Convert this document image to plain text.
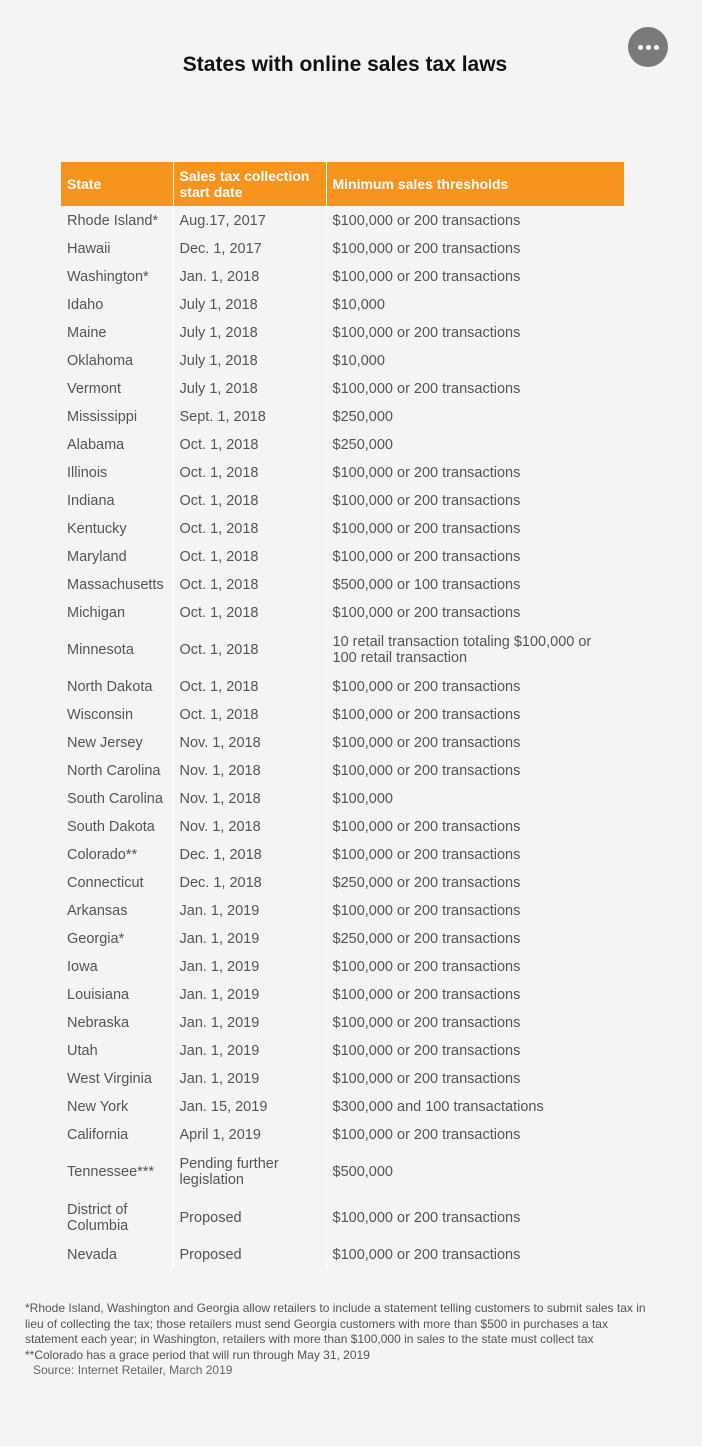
States with online sales tax laws
State	Sales tax collection start date	Minimum sales thresholds
Rhode Island*	Aug.17, 2017	$100,000 or 200 transactions
Hawaii	Dec. 1, 2017	$100,000 or 200 transactions
Washington*	Jan. 1, 2018	$100,000 or 200 transactions
Idaho	July 1, 2018	$10,000
Maine	July 1, 2018	$100,000 or 200 transactions
Oklahoma	July 1, 2018	$10,000
Vermont	July 1, 2018	$100,000 or 200 transactions
Mississippi	Sept. 1, 2018	$250,000
Alabama	Oct. 1, 2018	$250,000
Illinois	Oct. 1, 2018	$100,000 or 200 transactions
Indiana	Oct. 1, 2018	$100,000 or 200 transactions
Kentucky	Oct. 1, 2018	$100,000 or 200 transactions
Maryland	Oct. 1, 2018	$100,000 or 200 transactions
Massachusetts	Oct. 1, 2018	$500,000 or 100 transactions
Michigan	Oct. 1, 2018	$100,000 or 200 transactions
Minnesota	Oct. 1, 2018	10 retail transaction totaling $100,000 or 100 retail transaction
North Dakota	Oct. 1, 2018	$100,000 or 200 transactions
Wisconsin	Oct. 1, 2018	$100,000 or 200 transactions
New Jersey	Nov. 1, 2018	$100,000 or 200 transactions
North Carolina	Nov. 1, 2018	$100,000 or 200 transactions
South Carolina	Nov. 1, 2018	$100,000
South Dakota	Nov. 1, 2018	$100,000 or 200 transactions
Colorado**	Dec. 1, 2018	$100,000 or 200 transactions
Connecticut	Dec. 1, 2018	$250,000 or 200 transactions
Arkansas	Jan. 1, 2019	$100,000 or 200 transactions
Georgia*	Jan. 1, 2019	$250,000 or 200 transactions
Iowa	Jan. 1, 2019	$100,000 or 200 transactions
Louisiana	Jan. 1, 2019	$100,000 or 200 transactions
Nebraska	Jan. 1, 2019	$100,000 or 200 transactions
Utah	Jan. 1, 2019	$100,000 or 200 transactions
West Virginia	Jan. 1, 2019	$100,000 or 200 transactions
New York	Jan. 15, 2019	$300,000 and 100 transactations
California	April 1, 2019	$100,000 or 200 transactions
Tennessee***	Pending further legislation	$500,000
District of Columbia	Proposed	$100,000 or 200 transactions
Nevada	Proposed	$100,000 or 200 transactions

*Rhode Island, Washington and Georgia allow retailers to include a statement telling customers to submit sales tax in lieu of collecting the tax; those retailers must send Georgia customers with more than $500 in purchases a tax statement each year; in Washington, retailers with more than $100,000 in sales to the state must collect tax

**Colorado has a grace period that will run through May 31, 2019

Source: Internet Retailer, March 2019
